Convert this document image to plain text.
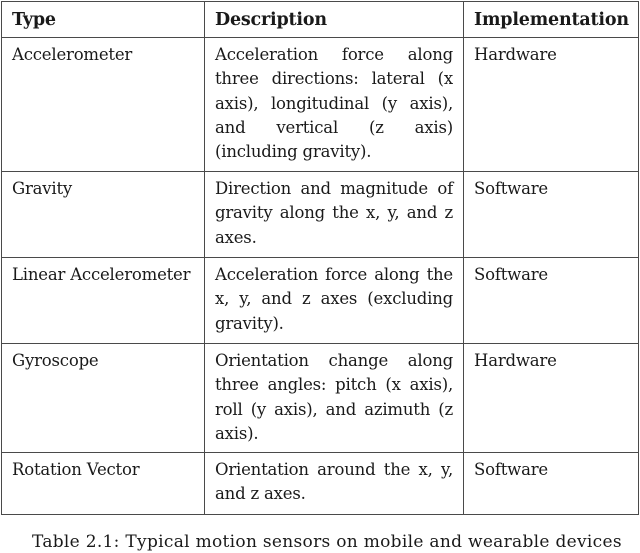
Type	Description	Implementation
Accelerometer	Acceleration force along three directions: lateral (x axis), longitudinal (y axis), and vertical (z axis) (including gravity).	Hardware
Gravity	Direction and magnitude of gravity along the x, y, and z axes.	Software
Linear Accelerometer	Acceleration force along the x, y, and z axes (excluding gravity).	Software
Gyroscope	Orientation change along three angles: pitch (x axis), roll (y axis), and azimuth (z axis).	Hardware
Rotation Vector	Orientation around the x, y, and z axes.	Software
Table 2.1: Typical motion sensors on mobile and wearable devices
